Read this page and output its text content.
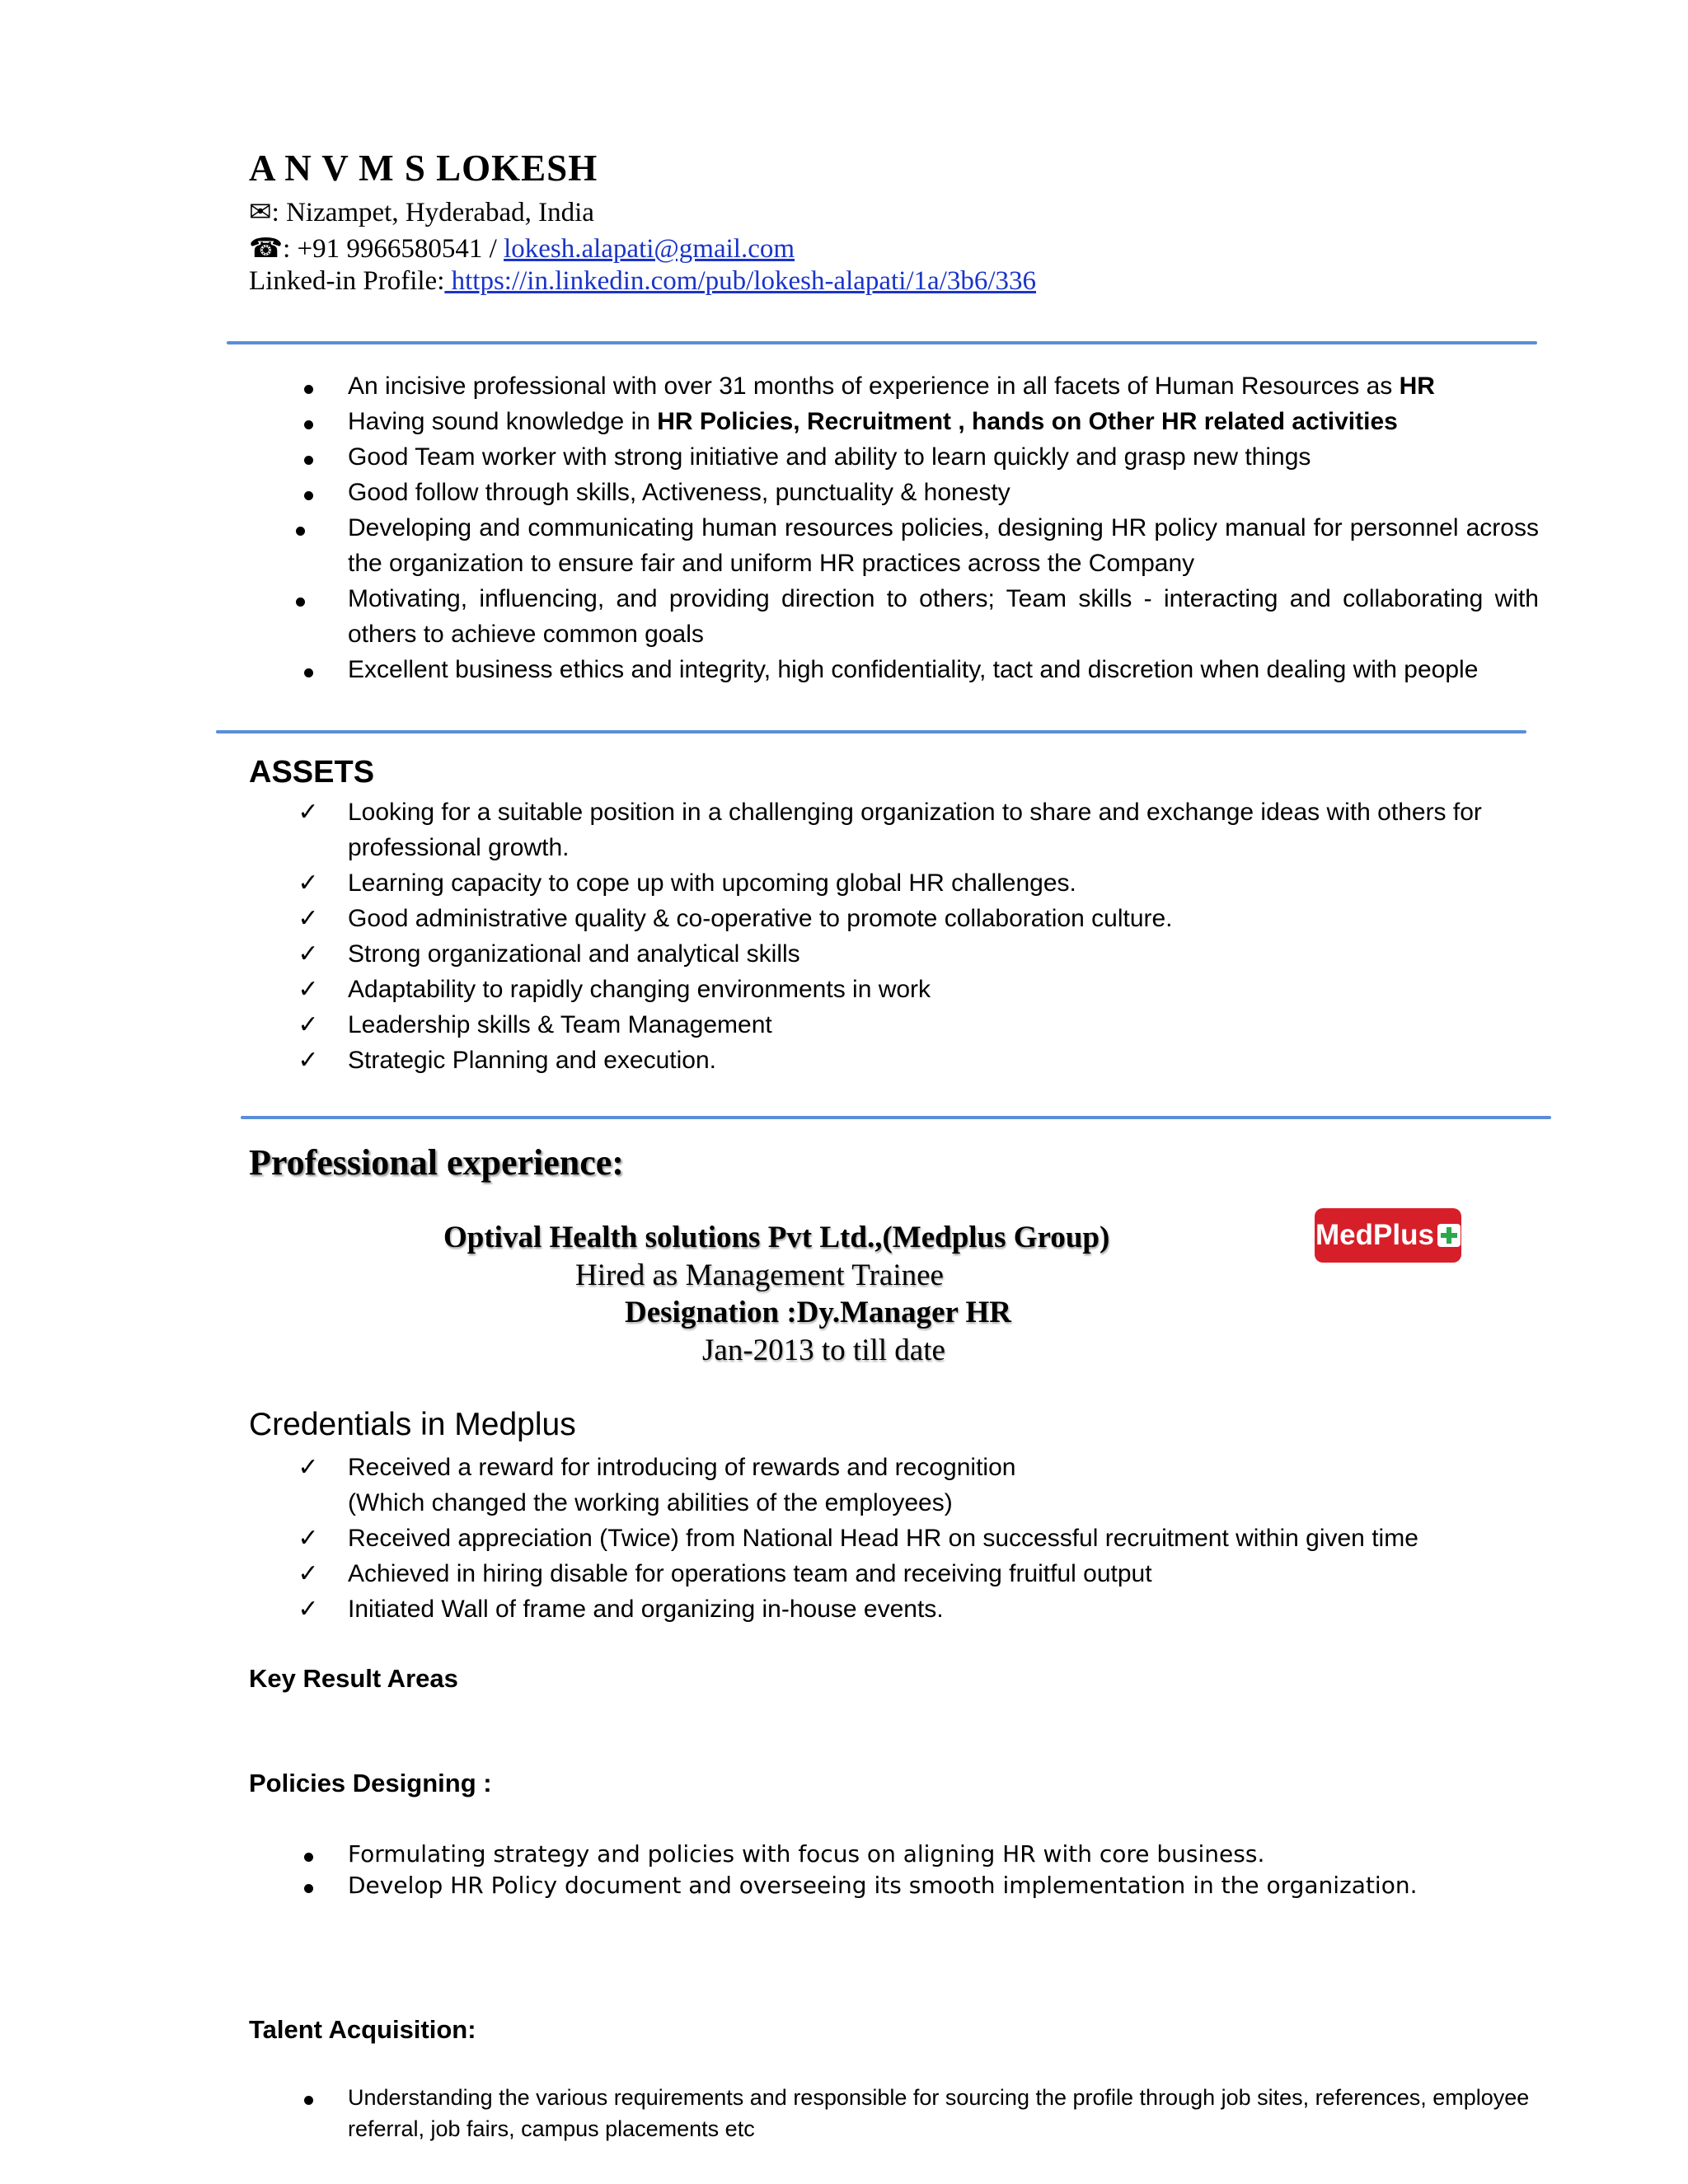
A N V M S LOKESH
✉: Nizampet, Hyderabad, India
☎: +91 9966580541 / lokesh.alapati@gmail.com
Linked-in Profile: https://in.linkedin.com/pub/lokesh-alapati/1a/3b6/336
An incisive professional with over 31 months of experience in all facets of Human Resources as HR
Having sound knowledge in HR Policies, Recruitment , hands on Other HR related activities
Good Team worker with strong initiative and ability to learn quickly and grasp new things
Good follow through skills, Activeness, punctuality & honesty
Developing and communicating human resources policies, designing HR policy manual for personnel across the organization to ensure fair and uniform HR practices across the Company
Motivating, influencing, and providing direction to others; Team skills - interacting and collaborating with others to achieve common goals
Excellent business ethics and integrity, high confidentiality, tact and discretion when dealing with people
ASSETS
✓ Looking for a suitable position in a challenging organization to share and exchange ideas with others for professional growth.
✓ Learning capacity to cope up with upcoming global HR challenges.
✓ Good administrative quality & co-operative to promote collaboration culture.
✓ Strong organizational and analytical skills
✓ Adaptability to rapidly changing environments in work
✓ Leadership skills & Team Management
✓ Strategic Planning and execution.
Professional experience:
Optival Health solutions Pvt Ltd.,(Medplus Group)
Hired as Management Trainee
Designation :Dy.Manager HR
Jan-2013 to till date
MedPlus
Credentials in Medplus
✓ Received a reward for introducing of rewards and recognition
(Which changed the working abilities of the employees)
✓ Received appreciation (Twice) from National Head HR on successful recruitment within given time
✓ Achieved in hiring disable for operations team and receiving fruitful output
✓ Initiated Wall of frame and organizing in-house events.
Key Result Areas
Policies Designing :
Formulating strategy and policies with focus on aligning HR with core business.
Develop HR Policy document and overseeing its smooth implementation in the organization.
Talent Acquisition:
Understanding the various requirements and responsible for sourcing the profile through job sites, references, employee referral, job fairs, campus placements etc
